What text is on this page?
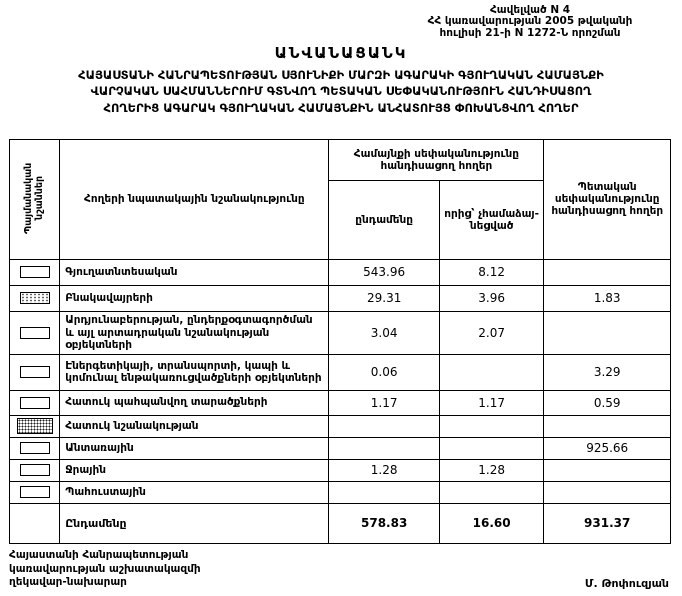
Հավելված N 4
ՀՀ կառավարության 2005 թվականի
հուլիսի 21-ի N 1272-Ն որոշման
ԱՆՎԱՆԱՑԱՆԿ
ՀԱՅԱՍՏԱՆԻ ՀԱՆՐԱՊԵՏՈՒԹՅԱՆ ՍՅՈՒՆԻՔԻ ՄԱՐԶԻ ԱԳԱՐԱԿԻ ԳՅՈՒՂԱԿԱՆ ՀԱՄԱՅՆՔԻ
ՎԱՐՉԱԿԱՆ ՍԱՀՄԱՆՆԵՐՈՒՄ ԳՏՆՎՈՂ ՊԵՏԱԿԱՆ ՍԵՓԱԿԱՆՈՒԹՅՈՒՆ ՀԱՆԴԻՍԱՑՈՂ
ՀՈՂԵՐԻՑ ԱԳԱՐԱԿ ԳՅՈՒՂԱԿԱՆ ՀԱՄԱՅՆՔԻՆ ԱՆՀԱՏՈՒՅՑ ՓՈԽԱՆՑՎՈՂ ՀՈՂԵՐ
Պայմանական նշաններ	Հողերի նպատակային նշանակությունը	Համայնքի սեփականությունը հանդիսացող հողեր		Պետական սեփականությունը հանդիսացող հողեր
		ընդամենը	որից՝ չհամաձայ-նեցված	

	Գյուղատնտեսական	543.96	8.12	

	Բնակավայրերի	29.31	3.96	1.83

	Արդյունաբերության, ընդերքօգտագործման և այլ արտադրական նշանակության օբյեկտների	3.04	2.07	

	Էներգետիկայի, տրանսպորտի, կապի և կոմունալ ենթակառուցվածքների օբյեկտների	0.06		3.29

	Հատուկ պահպանվող տարածքների	1.17	1.17	0.59

	Հատուկ նշանակության			

	Անտառային			925.66

	Ջրային	1.28	1.28	

	Պահուստային			
	Ընդամենը	578.83	16.60	931.37
Հայաստանի Հանրապետության
կառավարության աշխատակազմի
ղեկավար-նախարար	Մ. Թոփուզյան
